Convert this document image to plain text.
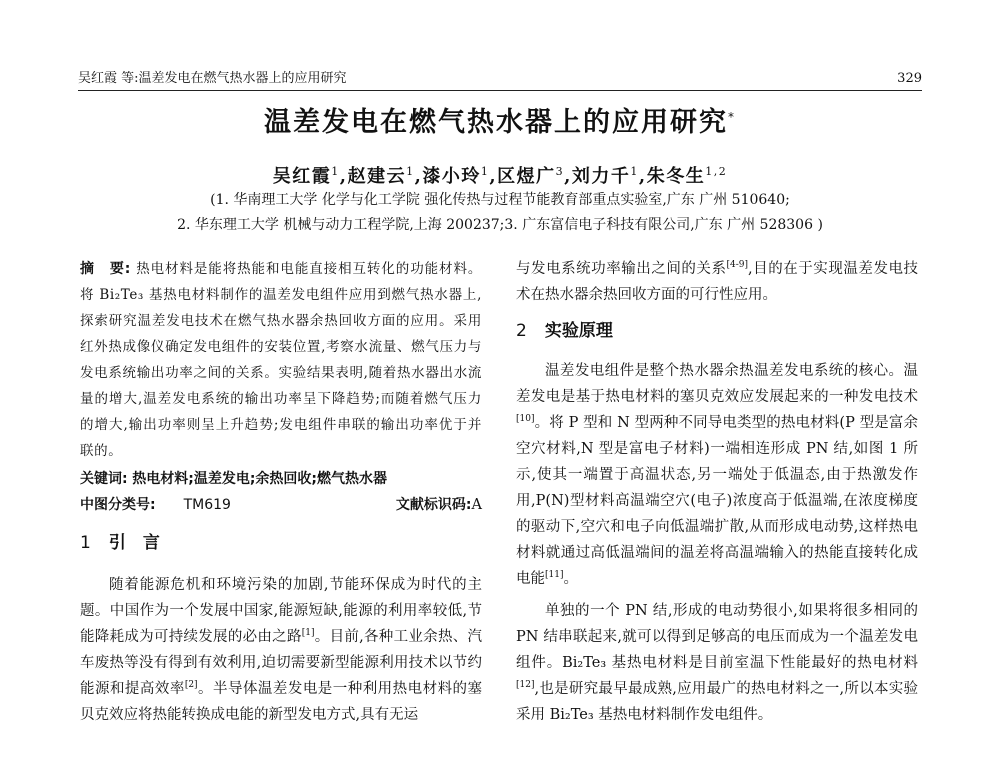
吴红霞 等:温差发电在燃气热水器上的应用研究	329
温差发电在燃气热水器上的应用研究*
吴红霞$^1$,赵建云$^1$,漆小玲$^1$,区煜广$^3$,刘力千$^1$,朱冬生$^{1,2}$
(1. 华南理工大学 化学与化工学院 强化传热与过程节能教育部重点实验室,广东 广州 510640;
2. 华东理工大学 机械与动力工程学院,上海 200237;3. 广东富信电子科技有限公司,广东 广州 528306 )
摘　要: 热电材料是能将热能和电能直接相互转化的功能材料。将 Bi₂Te₃ 基热电材料制作的温差发电组件应用到燃气热水器上,探索研究温差发电技术在燃气热水器余热回收方面的应用。采用红外热成像仪确定发电组件的安装位置,考察水流量、燃气压力与发电系统输出功率之间的关系。实验结果表明,随着热水器出水流量的增大,温差发电系统的输出功率呈下降趋势;而随着燃气压力的增大,输出功率则呈上升趋势;发电组件串联的输出功率优于并联的。
关键词: 热电材料;温差发电;余热回收;燃气热水器
中图分类号: TM619	文献标识码:A
1 引　言
随着能源危机和环境污染的加剧,节能环保成为时代的主题。中国作为一个发展中国家,能源短缺,能源的利用率较低,节能降耗成为可持续发展的必由之路[1]。目前,各种工业余热、汽车废热等没有得到有效利用,迫切需要新型能源利用技术以节约能源和提高效率[2]。半导体温差发电是一种利用热电材料的塞贝克效应将热能转换成电能的新型发电方式,具有无运
与发电系统功率输出之间的关系[4-9],目的在于实现温差发电技术在热水器余热回收方面的可行性应用。
2 实验原理
温差发电组件是整个热水器余热温差发电系统的核心。温差发电是基于热电材料的塞贝克效应发展起来的一种发电技术[10]。将 P 型和 N 型两种不同导电类型的热电材料(P 型是富余空穴材料,N 型是富电子材料)一端相连形成 PN 结,如图 1 所示,使其一端置于高温状态,另一端处于低温态,由于热激发作用,P(N)型材料高温端空穴(电子)浓度高于低温端,在浓度梯度的驱动下,空穴和电子向低温端扩散,从而形成电动势,这样热电材料就通过高低温端间的温差将高温端输入的热能直接转化成电能[11]。
单独的一个 PN 结,形成的电动势很小,如果将很多相同的 PN 结串联起来,就可以得到足够高的电压而成为一个温差发电组件。Bi₂Te₃ 基热电材料是目前室温下性能最好的热电材料[12],也是研究最早最成熟,应用最广的热电材料之一,所以本实验采用 Bi₂Te₃ 基热电材料制作发电组件。
